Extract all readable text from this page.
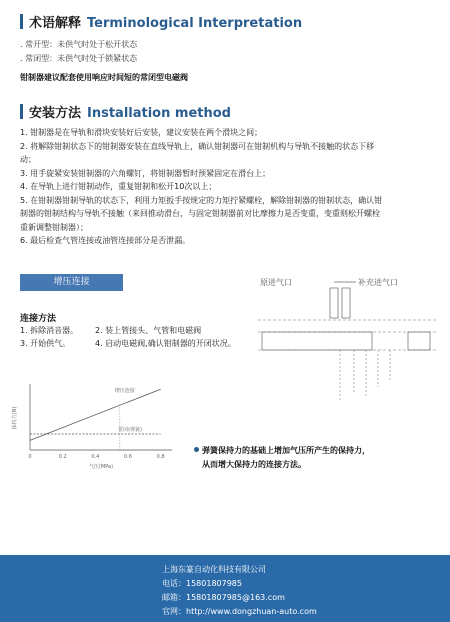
术语解释 Terminological Interpretation
. 常开型：未供气时处于松开状态
. 常闭型：未供气时处于锁紧状态
钳制器建议配套使用响应时间短的常闭型电磁阀
安装方法 Installation method
1. 钳制器是在导轨和滑块安装好后安装，建议安装在两个滑块之间；
2. 将解除钳制状态下的钳制器安装在直线导轨上，确认钳制器可在钳制机构与导轨不接触的状态下移
动；
3. 用手旋紧安装钳制器的六角螺钉，将钳制器暂时预紧固定在滑台上；
4. 在导轨上进行钳制动作，重复钳制和松开10次以上；
5. 在钳制器钳制导轨的状态下，利用力矩扳手按规定的力矩拧紧螺栓，解除钳制器的钳制状态，确认钳
制器的钳制结构与导轨不接触（来回推动滑台，与固定钳制器前对比摩擦力是否变重，变重则松开螺栓
重新调整钳制器）；
6. 最后检查气管连接或油管连接部分是否泄漏。
增压连接
连接方法
1. 拆除消音器。	2. 装上管接头、气管和电磁阀
3. 开始供气。	4. 启动电磁阀,确认钳制器的开闭状况。
原进气口	补充进气口
保持力(N)
气压(MPa)
0	0.2	0.4	0.6	0.8
增压连接
常闭(弹簧)
弹簧保持力的基础上增加气压所产生的保持力，
从而增大保持力的连接方法。
上海东篆自动化科技有限公司
电话：15801807985
邮箱：15801807985@163.com
官网：http://www.dongzhuan-auto.com
